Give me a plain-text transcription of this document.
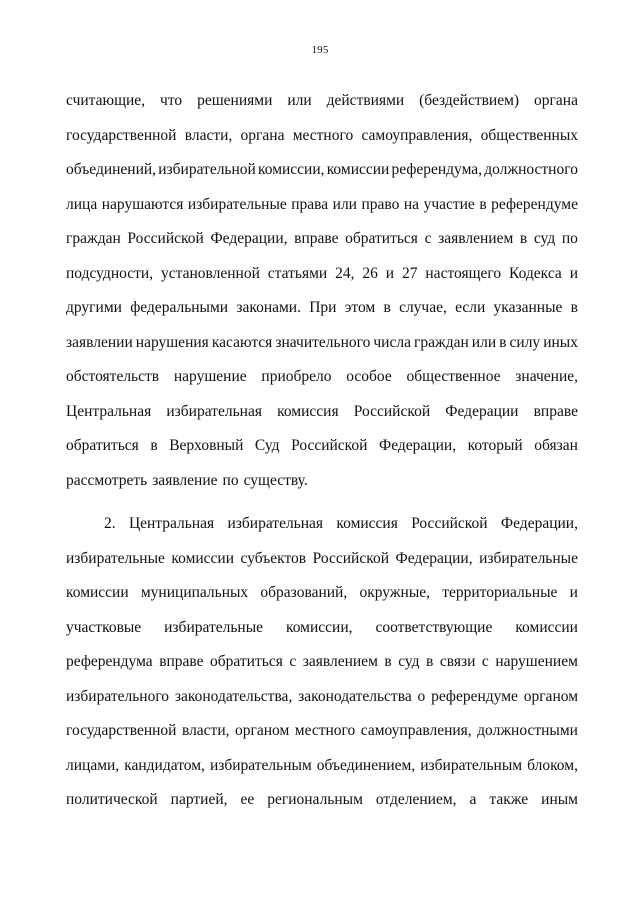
195
считающие, что решениями или действиями (бездействием) органа
государственной власти, органа местного самоуправления, общественных
объединений, избирательной комиссии, комиссии референдума, должностного
лица нарушаются избирательные права или право на участие в референдуме
граждан Российской Федерации, вправе обратиться с заявлением в суд по
подсудности, установленной статьями 24, 26 и 27 настоящего Кодекса и
другими федеральными законами. При этом в случае, если указанные в
заявлении нарушения касаются значительного числа граждан или в силу иных
обстоятельств нарушение приобрело особое общественное значение,
Центральная избирательная комиссия Российской Федерации вправе
обратиться в Верховный Суд Российской Федерации, который обязан
рассмотреть заявление по существу.
2. Центральная избирательная комиссия Российской Федерации,
избирательные комиссии субъектов Российской Федерации, избирательные
комиссии муниципальных образований, окружные, территориальные и
участковые избирательные комиссии, соответствующие комиссии
референдума вправе обратиться с заявлением в суд в связи с нарушением
избирательного законодательства, законодательства о референдуме органом
государственной власти, органом местного самоуправления, должностными
лицами, кандидатом, избирательным объединением, избирательным блоком,
политической партией, ее региональным отделением, а также иным
